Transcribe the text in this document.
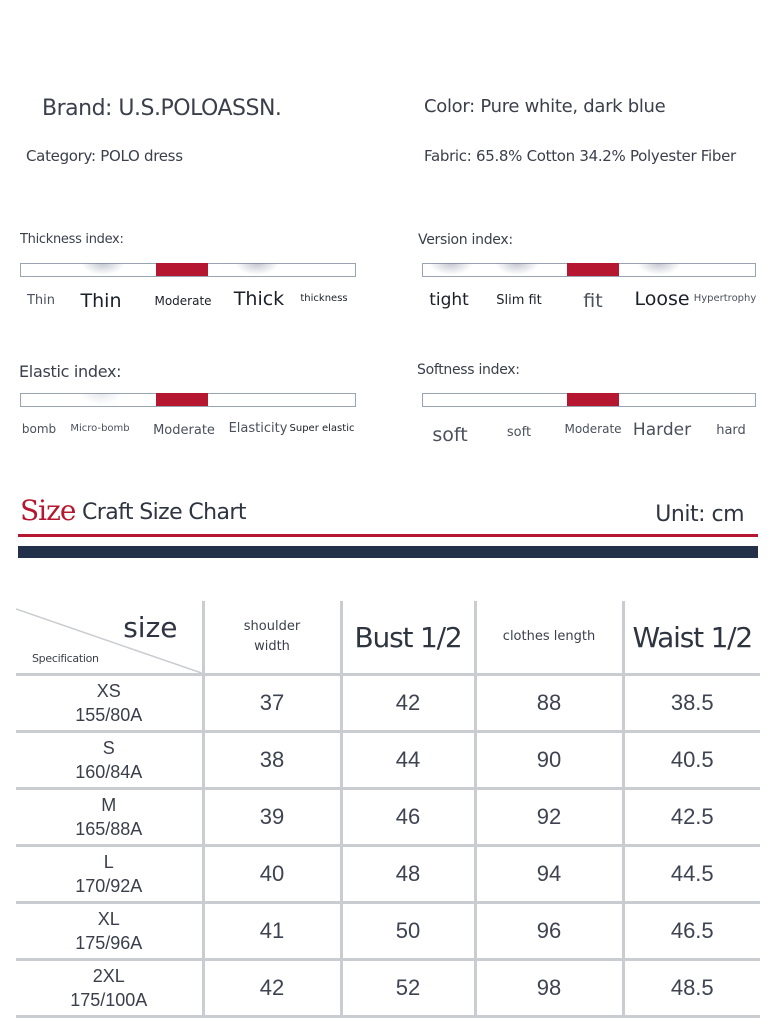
Brand: U.S.POLOASSN.	Color: Pure white, dark blue
Category: POLO dress	Fabric: 65.8% Cotton 34.2% Polyester Fiber
Thickness index:
Thin Thin	Moderate Thick thickness
Version index:
tight Slim fit fit Loose Hypertrophy
Elastic index:
bomb Micro-bomb Moderate Elasticity Super elastic
Softness index:
soft	soft	Moderate Harder hard
Size Craft Size Chart	Unit: cm
size
Specification	shoulder width	Bust 1/2	clothes length	Waist 1/2

XS
155/80A	37	42	88	38.5

S
160/84A	38	44	90	40.5

M
165/88A	39	46	92	42.5

L
170/92A	40	48	94	44.5

XL
175/96A	41	50	96	46.5

2XL
175/100A	42	52	98	48.5
